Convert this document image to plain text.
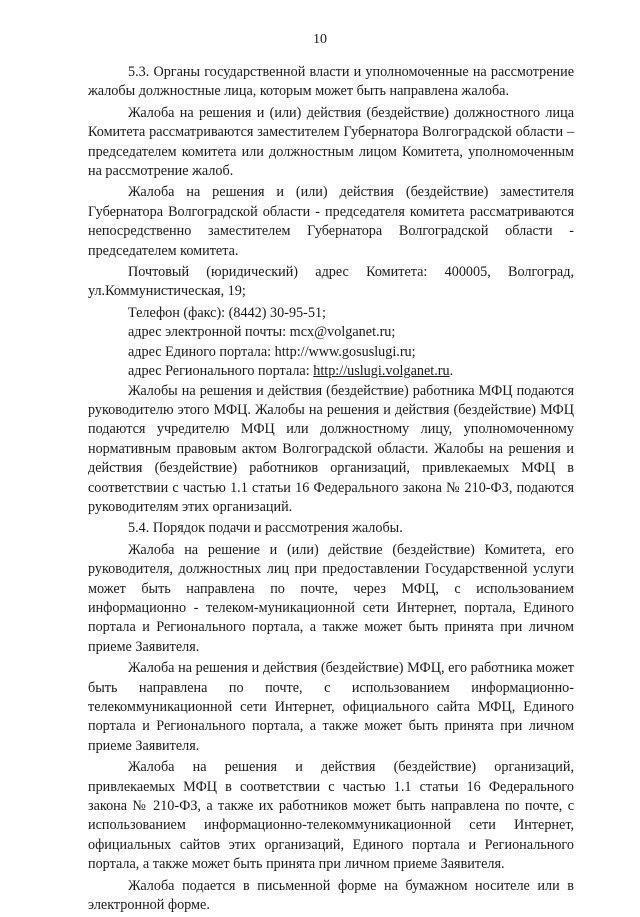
10

5.3. Органы государственной власти и уполномоченные на рассмотрение жалобы должностные лица, которым может быть направлена жалоба.

Жалоба на решения и (или) действия (бездействие) должностного лица Комитета рассматриваются заместителем Губернатора Волгоградской области – председателем комитета или должностным лицом Комитета, уполномоченным на рассмотрение жалоб.

Жалоба на решения и (или) действия (бездействие) заместителя Губернатора Волгоградской области - председателя комитета рассматриваются непосредственно заместителем Губернатора Волгоградской области - председателем комитета.

Почтовый (юридический) адрес Комитета: 400005, Волгоград, ул.Коммунистическая, 19;

Телефон (факс): (8442) 30-95-51;

адрес электронной почты: mcx@volganet.ru;

адрес Единого портала: http://www.gosuslugi.ru;

адрес Регионального портала: http://uslugi.volganet.ru.

Жалобы на решения и действия (бездействие) работника МФЦ подаются руководителю этого МФЦ. Жалобы на решения и действия (бездействие) МФЦ подаются учредителю МФЦ или должностному лицу, уполномоченному нормативным правовым актом Волгоградской области. Жалобы на решения и действия (бездействие) работников организаций, привлекаемых МФЦ в соответствии с частью 1.1 статьи 16 Федерального закона № 210-ФЗ, подаются руководителям этих организаций.

5.4. Порядок подачи и рассмотрения жалобы.

Жалоба на решение и (или) действие (бездействие) Комитета, его руководителя, должностных лиц при предоставлении Государственной услуги может быть направлена по почте, через МФЦ, с использованием информационно - телеком-муникационной сети Интернет, портала, Единого портала и Регионального портала, а также может быть принята при личном приеме Заявителя.

Жалоба на решения и действия (бездействие) МФЦ, его работника может быть направлена по почте, с использованием информационно-телекоммуникационной сети Интернет, официального сайта МФЦ, Единого портала и Регионального портала, а также может быть принята при личном приеме Заявителя.

Жалоба на решения и действия (бездействие) организаций, привлекаемых МФЦ в соответствии с частью 1.1 статьи 16 Федерального закона № 210-ФЗ, а также их работников может быть направлена по почте, с использованием информационно-телекоммуникационной сети Интернет, официальных сайтов этих организаций, Единого портала и Регионального портала, а также может быть принята при личном приеме Заявителя.

Жалоба подается в письменной форме на бумажном носителе или в электронной форме.
